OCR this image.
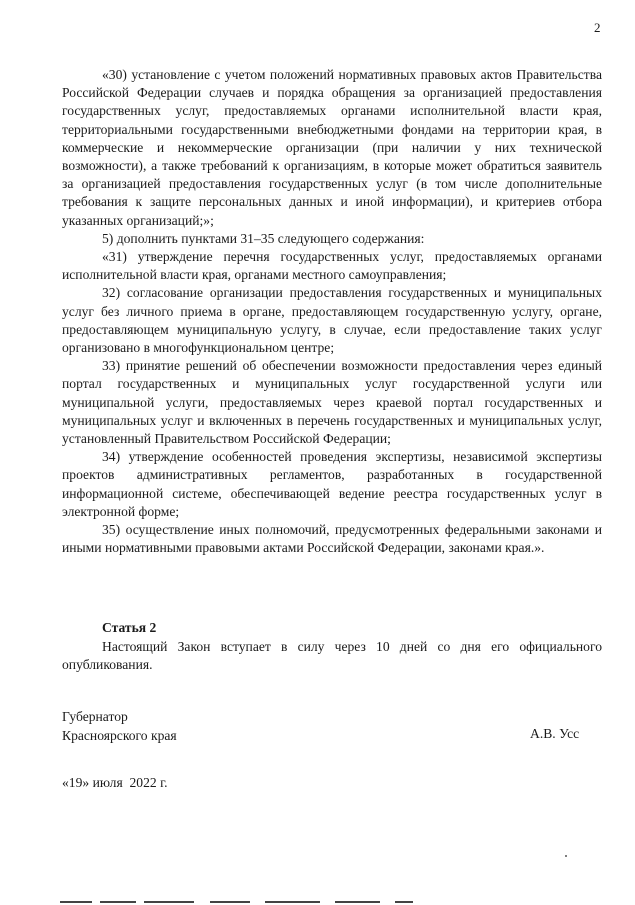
2

«30) установление с учетом положений нормативных правовых актов Правительства Российской Федерации случаев и порядка обращения за организацией предоставления государственных услуг, предоставляемых органами исполнительной власти края, территориальными государственными внебюджетными фондами на территории края, в коммерческие и некоммерческие организации (при наличии у них технической возможности), а также требований к организациям, в которые может обратиться заявитель за организацией предоставления государственных услуг (в том числе дополнительные требования к защите персональных данных и иной информации), и критериев отбора указанных организаций;»;

5) дополнить пунктами 31–35 следующего содержания:

«31) утверждение перечня государственных услуг, предоставляемых органами исполнительной власти края, органами местного самоуправления;

32) согласование организации предоставления государственных и муниципальных услуг без личного приема в органе, предоставляющем государственную услугу, органе, предоставляющем муниципальную услугу, в случае, если предоставление таких услуг организовано в многофункциональном центре;

33) принятие решений об обеспечении возможности предоставления через единый портал государственных и муниципальных услуг государственной услуги или муниципальной услуги, предоставляемых через краевой портал государственных и муниципальных услуг и включенных в перечень государственных и муниципальных услуг, установленный Правительством Российской Федерации;

34) утверждение особенностей проведения экспертизы, независимой экспертизы проектов административных регламентов, разработанных в государственной информационной системе, обеспечивающей ведение реестра государственных услуг в электронной форме;

35) осуществление иных полномочий, предусмотренных федеральными законами и иными нормативными правовыми актами Российской Федерации, законами края.».

Статья 2

Настоящий Закон вступает в силу через 10 дней со дня его официального опубликования.

Губернатор
Красноярского края	А.В. Усс
«19» июля  2022 г.
